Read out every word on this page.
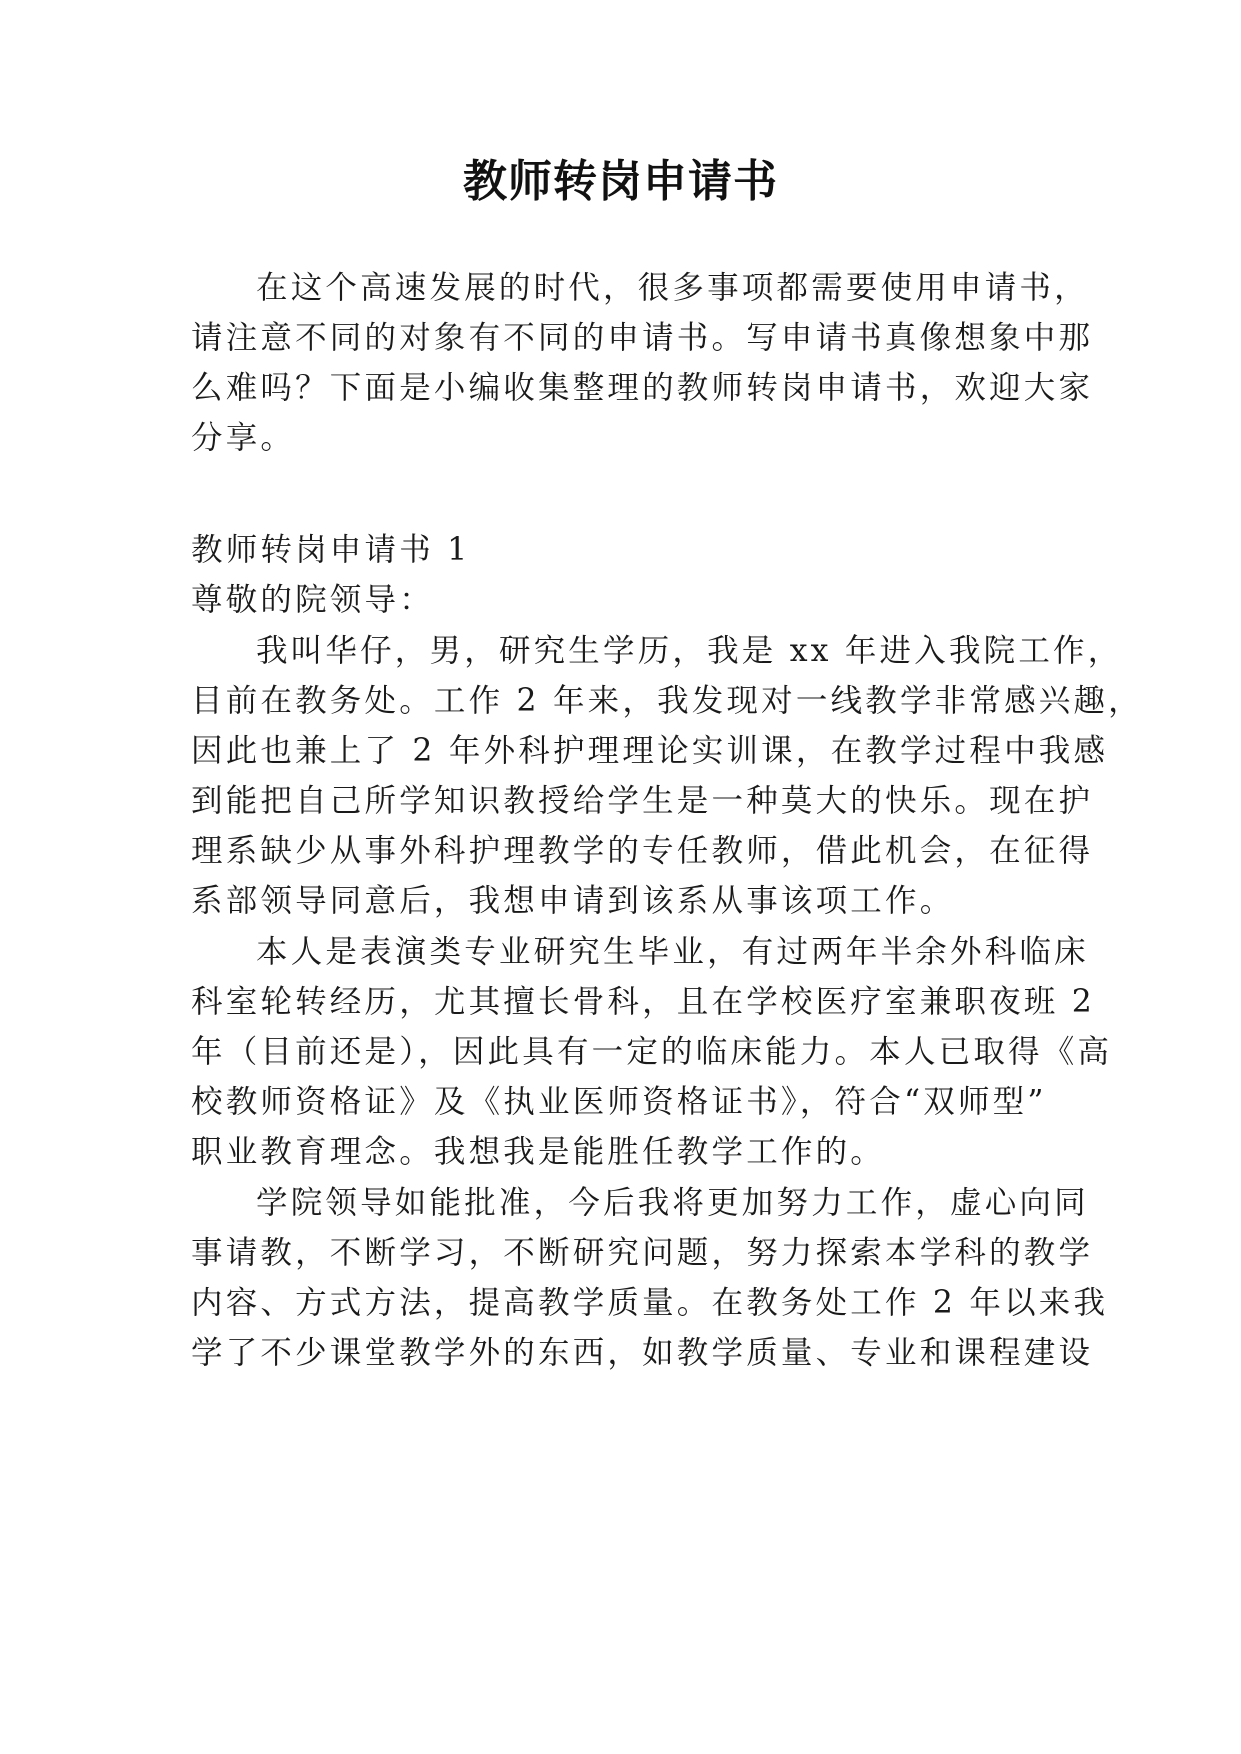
教师转岗申请书
在这个高速发展的时代，很多事项都需要使用申请书，
请注意不同的对象有不同的申请书。写申请书真像想象中那
么难吗？下面是小编收集整理的教师转岗申请书，欢迎大家
分享。
教师转岗申请书 1
尊敬的院领导：
我叫华仔，男，研究生学历，我是 xx 年进入我院工作，
目前在教务处。工作 2 年来，我发现对一线教学非常感兴趣，
因此也兼上了 2 年外科护理理论实训课，在教学过程中我感
到能把自己所学知识教授给学生是一种莫大的快乐。现在护
理系缺少从事外科护理教学的专任教师，借此机会，在征得
系部领导同意后，我想申请到该系从事该项工作。
本人是表演类专业研究生毕业，有过两年半余外科临床
科室轮转经历，尤其擅长骨科，且在学校医疗室兼职夜班 2
年（目前还是），因此具有一定的临床能力。本人已取得《高
校教师资格证》及《执业医师资格证书》，符合“双师型”
职业教育理念。我想我是能胜任教学工作的。
学院领导如能批准，今后我将更加努力工作，虚心向同
事请教，不断学习，不断研究问题，努力探索本学科的教学
内容、方式方法，提高教学质量。在教务处工作 2 年以来我
学了不少课堂教学外的东西，如教学质量、专业和课程建设
